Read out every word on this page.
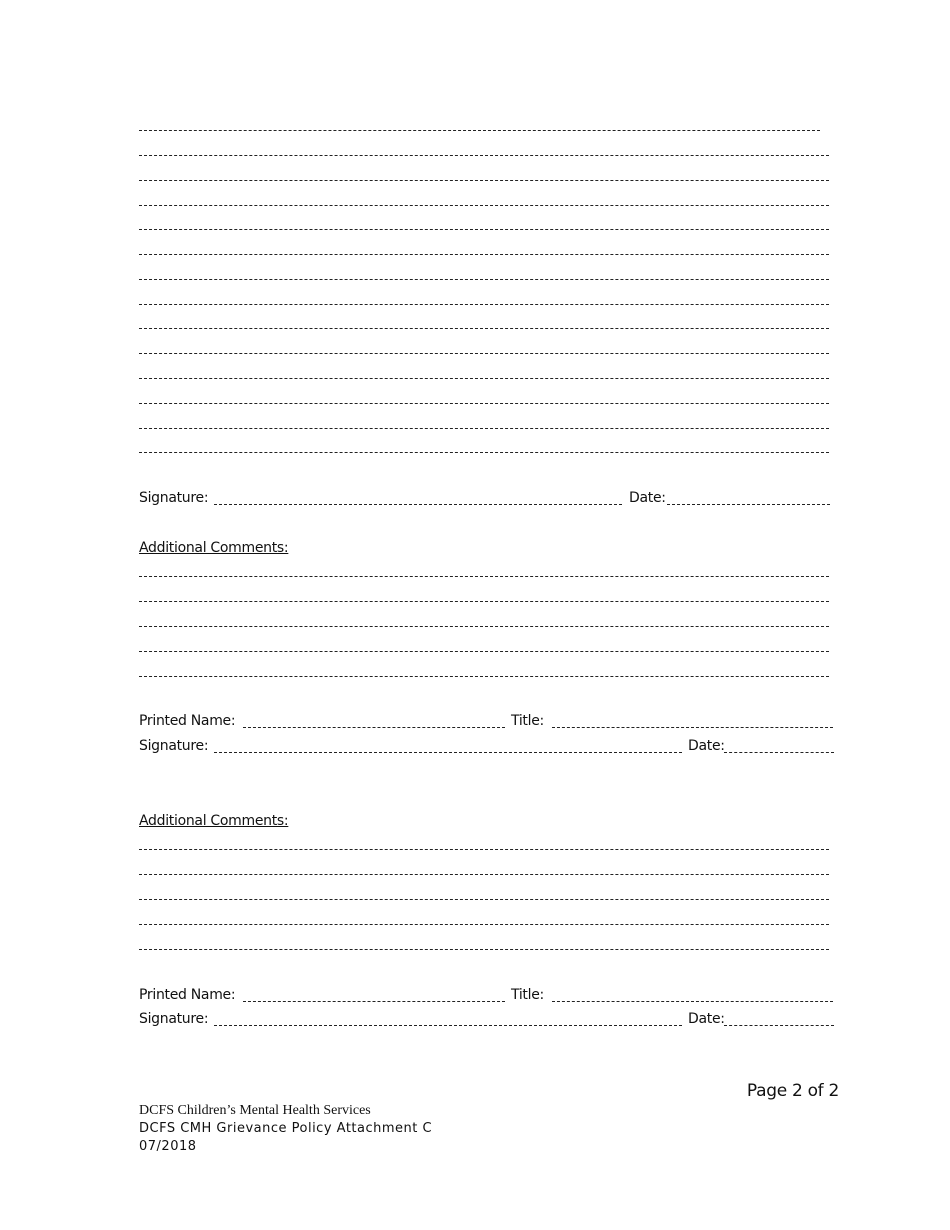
Signature:	Date:
Additional Comments:
Printed Name:	Title:
Signature:	Date:
Additional Comments:
Printed Name:	Title:
Signature:	Date:
Page 2 of 2
DCFS Children’s Mental Health Services
DCFS CMH Grievance Policy Attachment C
07/2018
